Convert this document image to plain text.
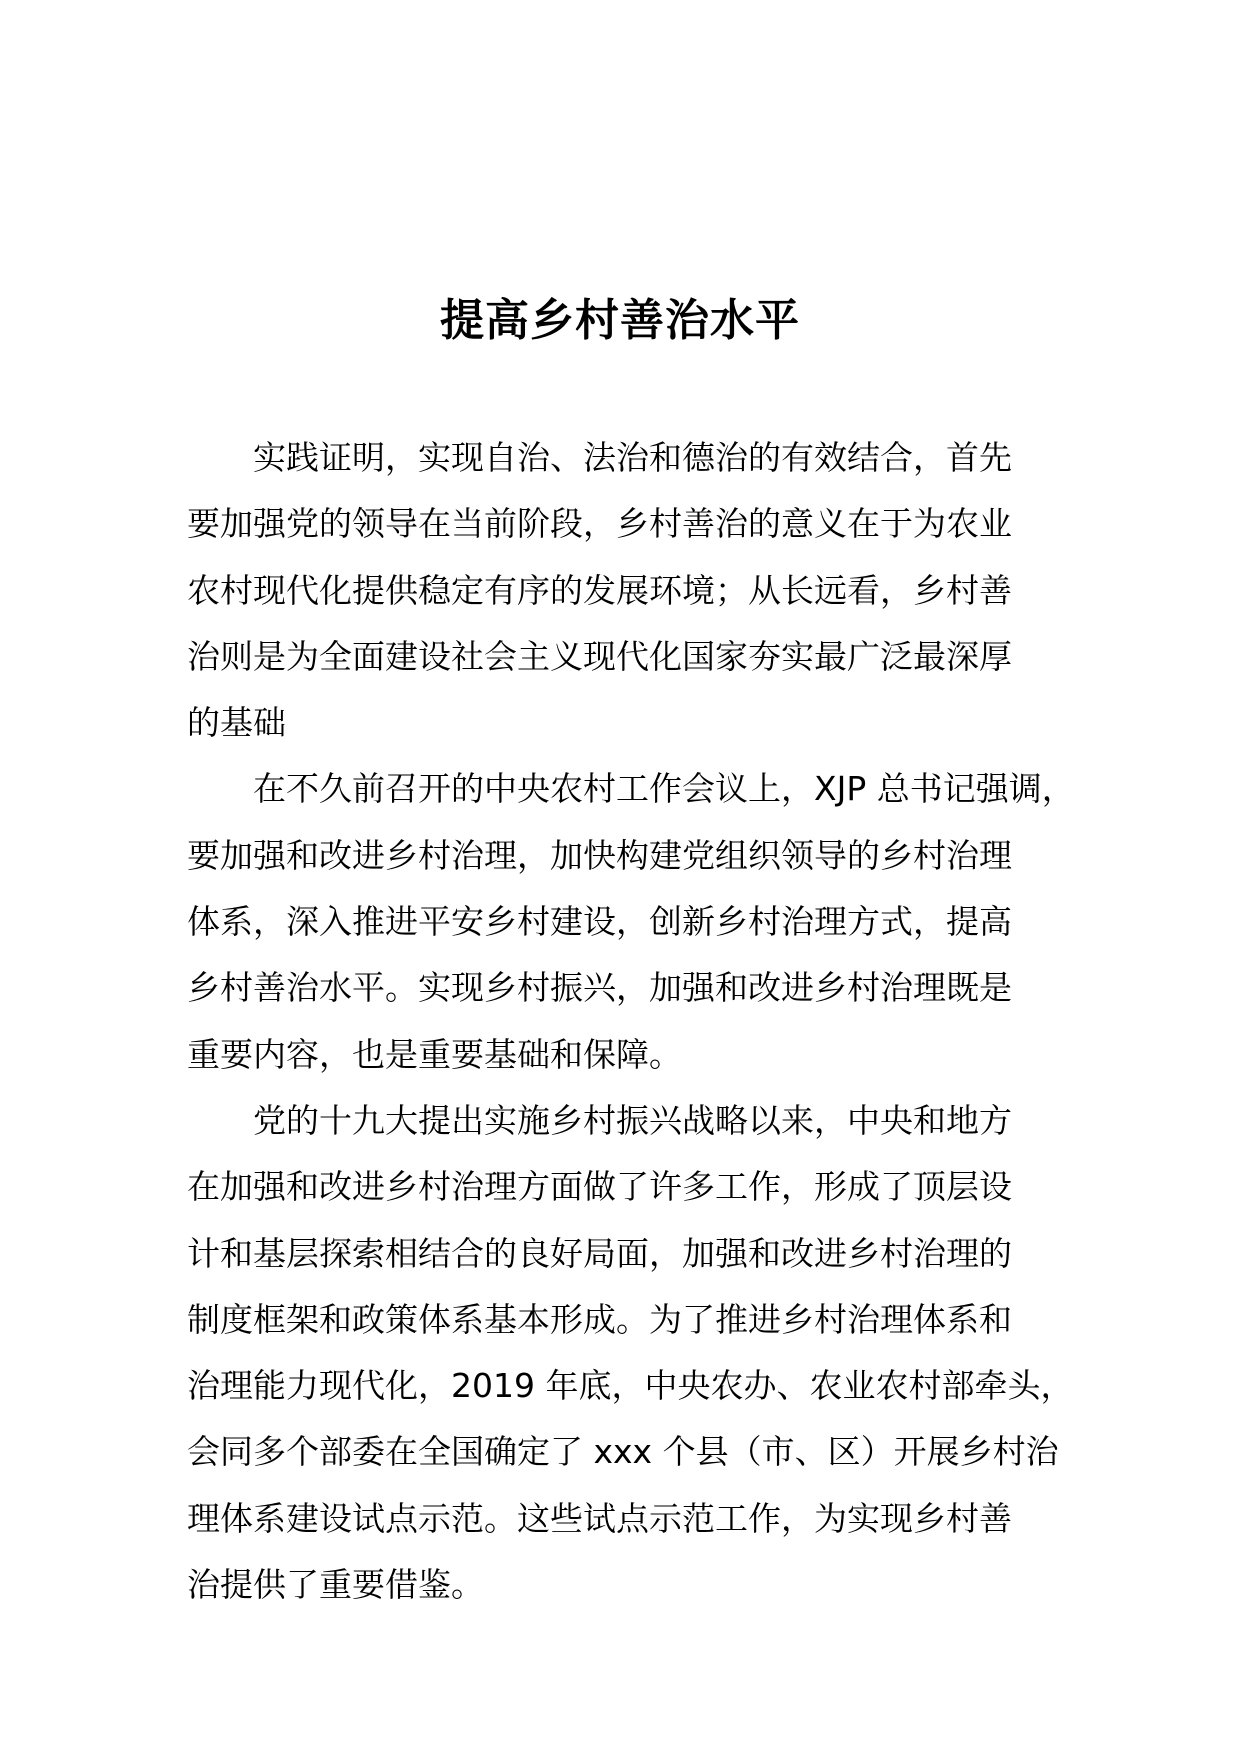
提高乡村善治水平

实践证明，实现自治、法治和德治的有效结合，首先
要加强党的领导在当前阶段，乡村善治的意义在于为农业
农村现代化提供稳定有序的发展环境；从长远看，乡村善
治则是为全面建设社会主义现代化国家夯实最广泛最深厚
的基础

在不久前召开的中央农村工作会议上，XJP 总书记强调，
要加强和改进乡村治理，加快构建党组织领导的乡村治理
体系，深入推进平安乡村建设，创新乡村治理方式，提高
乡村善治水平。实现乡村振兴，加强和改进乡村治理既是
重要内容，也是重要基础和保障。

党的十九大提出实施乡村振兴战略以来，中央和地方
在加强和改进乡村治理方面做了许多工作，形成了顶层设
计和基层探索相结合的良好局面，加强和改进乡村治理的
制度框架和政策体系基本形成。为了推进乡村治理体系和
治理能力现代化，2019 年底，中央农办、农业农村部牵头，
会同多个部委在全国确定了 xxx 个县（市、区）开展乡村治
理体系建设试点示范。这些试点示范工作，为实现乡村善
治提供了重要借鉴。
